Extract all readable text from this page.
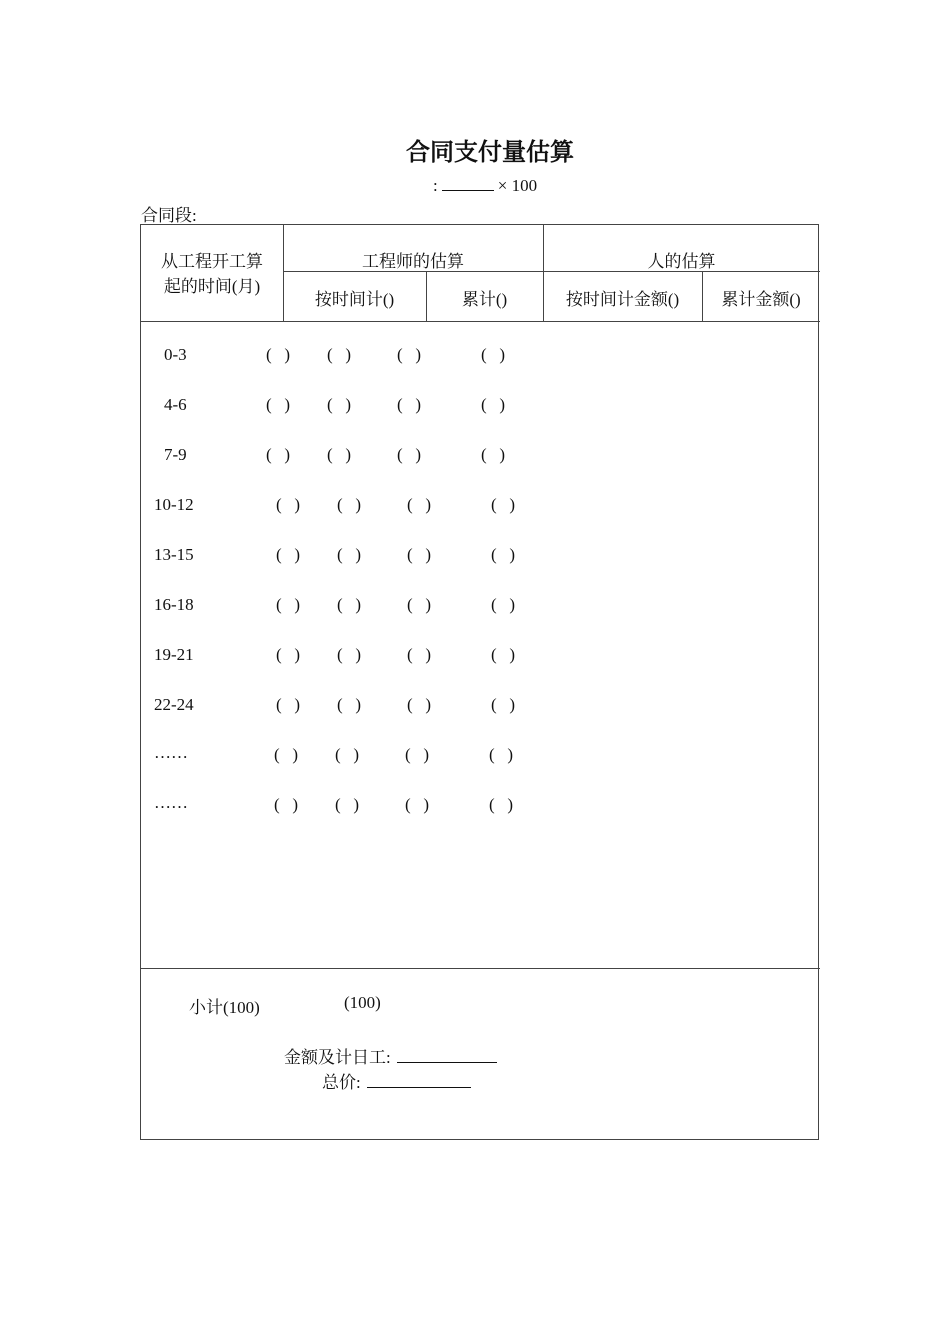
合同支付量估算
:	× 100
合同段:
从工程开工算
起的时间(月)
工程师的估算	人的估算
按时间计()	累计()	按时间计金额()	累计金额()
0-3	(   ) (   )	(   )	(   )
4-6	(   ) (   )	(   )	(   )
7-9	(   ) (   )	(   )	(   )
10-12	(   ) (   )	(   )	(   )
13-15	(   ) (   )	(   )	(   )
16-18	(   ) (   )	(   )	(   )
19-21	(   ) (   )	(   )	(   )
22-24	(   ) (   )	(   )	(   )
……	(   ) (   )	(   )	(   )
……	(   ) (   )	(   )	(   )
小计(100)	(100)
金额及计日工:
总价:
